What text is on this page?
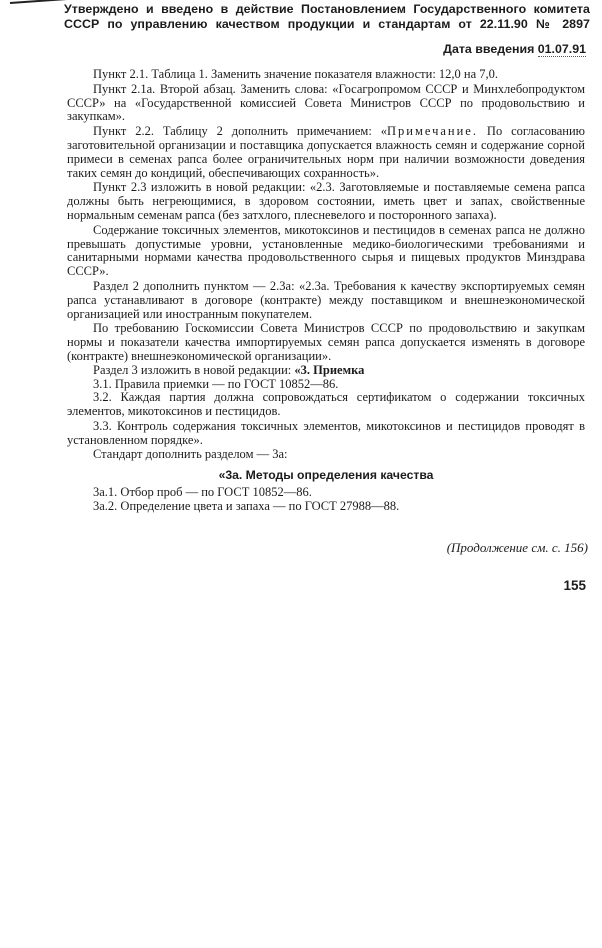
Утверждено и введено в действие Постановлением Государственного комитета
СССР по управлению качеством продукции и стандартам от 22.11.90 № 2897
Дата введения 01.07.91

Пункт 2.1. Таблица 1. Заменить значение показателя влажности: 12,0 на 7,0.

Пункт 2.1а. Второй абзац. Заменить слова: «Госагропромом СССР и Минхлебопродуктом СССР» на «Государственной комиссией Совета Министров СССР по продовольствию и закупкам».

Пункт 2.2. Таблицу 2 дополнить примечанием: «Примечание. По согласованию заготовительной организации и поставщика допускается влажность семян и содержание сорной примеси в семенах рапса более ограничительных норм при наличии возможности доведения таких семян до кондиций, обеспечивающих сохранность».

Пункт 2.3 изложить в новой редакции: «2.3. Заготовляемые и поставляемые семена рапса должны быть негреющимися, в здоровом состоянии, иметь цвет и запах, свойственные нормальным семенам рапса (без затхлого, плесневелого и посторонного запаха).

Содержание токсичных элементов, микотоксинов и пестицидов в семенах рапса не должно превышать допустимые уровни, установленные медико-биологическими требованиями и санитарными нормами качества продовольственного сырья и пищевых продуктов Минздрава СССР».

Раздел 2 дополнить пунктом — 2.3а: «2.3а. Требования к качеству экспортируемых семян рапса устанавливают в договоре (контракте) между поставщиком и внешнеэкономической организацией или иностранным покупателем.

По требованию Госкомиссии Совета Министров СССР по продовольствию и закупкам нормы и показатели качества импортируемых семян рапса допускается изменять в договоре (контракте) внешнеэкономической организации».

Раздел 3 изложить в новой редакции: «3. Приемка

3.1. Правила приемки — по ГОСТ 10852—86.

3.2. Каждая партия должна сопровождаться сертификатом о содержании токсичных элементов, микотоксинов и пестицидов.

3.3. Контроль содержания токсичных элементов, микотоксинов и пестицидов проводят в установленном порядке».

Стандарт дополнить разделом — 3а:

«3а. Методы определения качества

3а.1. Отбор проб — по ГОСТ 10852—86.

3а.2. Определение цвета и запаха — по ГОСТ 27988—88.

(Продолжение см. с. 156)
155
